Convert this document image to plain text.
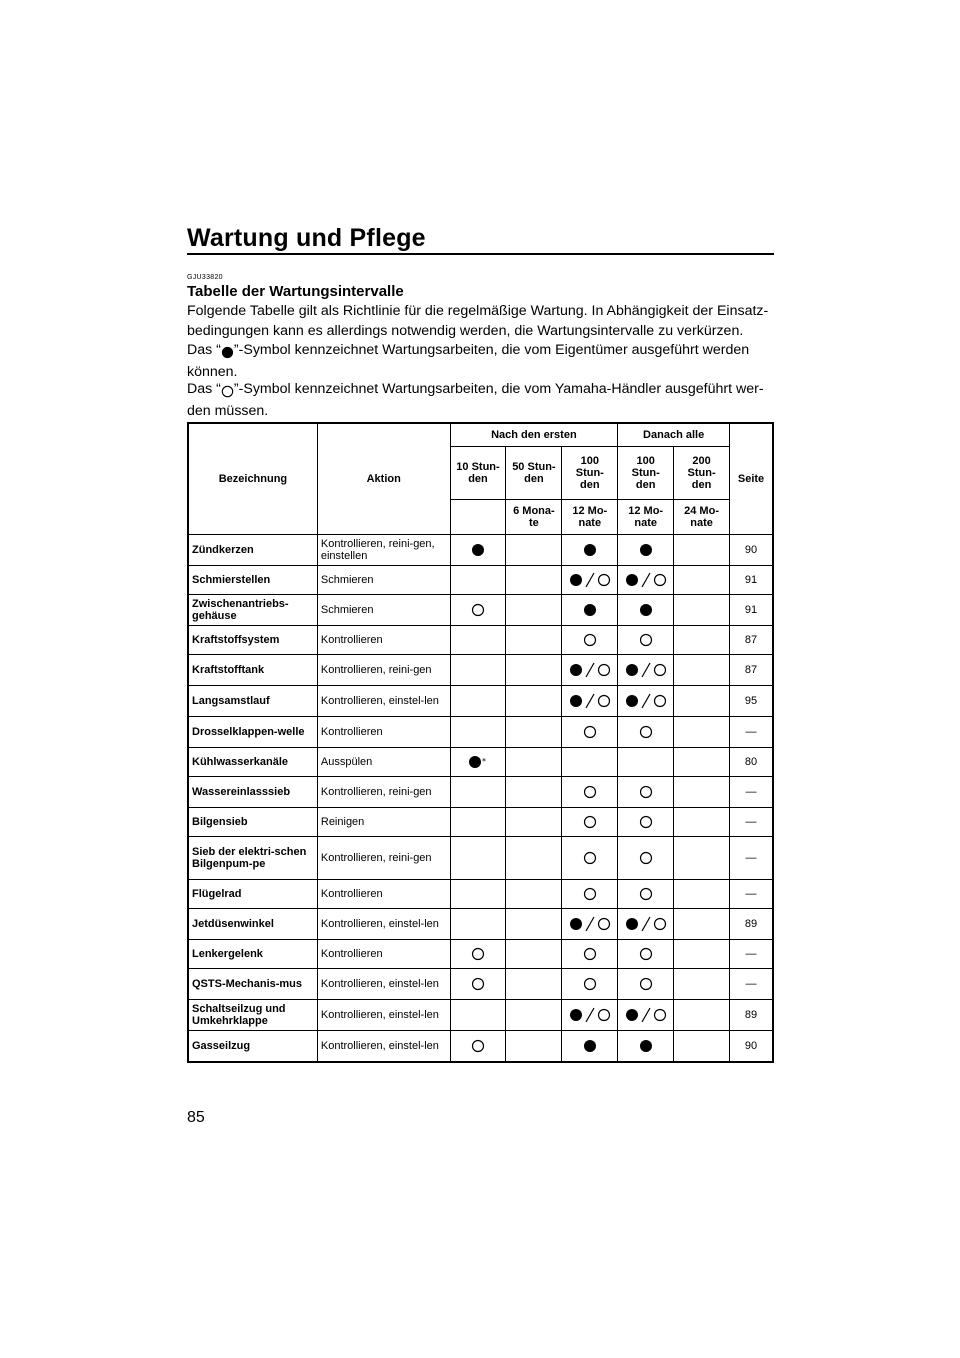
Wartung und Pflege
GJU33820
Tabelle der Wartungsintervalle
Folgende Tabelle gilt als Richtlinie für die regelmäßige Wartung. In Abhängigkeit der Einsatz-bedingungen kann es allerdings notwendig werden, die Wartungsintervalle zu verkürzen.
Das “ ”-Symbol kennzeichnet Wartungsarbeiten, die vom Eigentümer ausgeführt werden können.
Das “ ”-Symbol kennzeichnet Wartungsarbeiten, die vom Yamaha-Händler ausgeführt wer-den müssen.
Bezeichnung	Aktion	Nach den ersten			Danach alle		Seite
		10 Stun- den	50 Stun- den	100 Stun- den	100 Stun- den	200 Stun- den	
			6 Mona- te	12 Mo- nate	12 Mo- nate	24 Mo- nate	
Zündkerzen	Kontrollieren, reini-gen, einstellen						90
Schmierstellen	Schmieren						91
Zwischenantriebs-gehäuse	Schmieren						91
Kraftstoffsystem	Kontrollieren						87
Kraftstofftank	Kontrollieren, reini-gen						87
Langsamstlauf	Kontrollieren, einstel-len						95
Drosselklappen-welle	Kontrollieren						—
Kühlwasserkanäle	Ausspülen	*					80
Wassereinlasssieb	Kontrollieren, reini-gen						—
Bilgensieb	Reinigen						—
Sieb der elektri-schen Bilgenpum-pe	Kontrollieren, reini-gen						—
Flügelrad	Kontrollieren						—
Jetdüsenwinkel	Kontrollieren, einstel-len						89
Lenkergelenk	Kontrollieren						—
QSTS-Mechanis-mus	Kontrollieren, einstel-len						—
Schaltseilzug und Umkehrklappe	Kontrollieren, einstel-len						89
Gasseilzug	Kontrollieren, einstel-len						90
85
